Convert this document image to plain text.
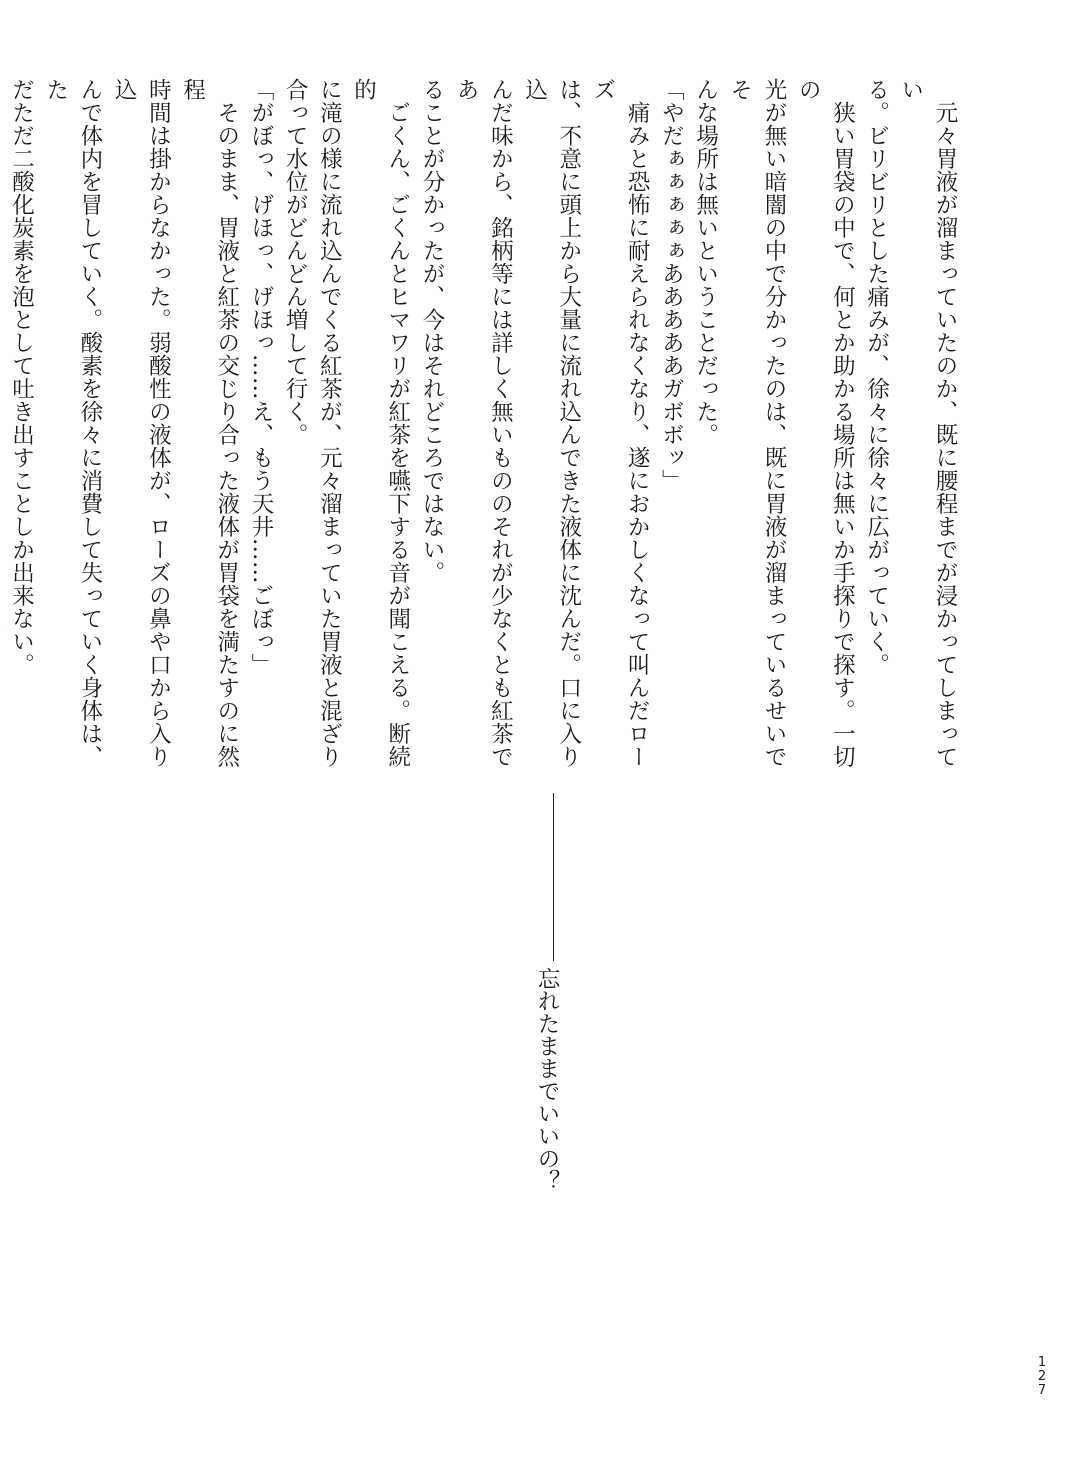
元々胃液が溜まっていたのか、既に腰程までが浸かってしまってい

る。ビリビリとした痛みが、徐々に徐々に広がっていく。

狭い胃袋の中で、何とか助かる場所は無いか手探りで探す。一切の

光が無い暗闇の中で分かったのは、既に胃液が溜まっているせいでそ

んな場所は無いということだった。

「やだぁぁぁぁぁあああああガボボッ」

痛みと恐怖に耐えられなくなり、遂におかしくなって叫んだローズ

は、不意に頭上から大量に流れ込んできた液体に沈んだ。口に入り込

んだ味から、銘柄等には詳しく無いもののそれが少なくとも紅茶であ

ることが分かったが、今はそれどころではない。

ごくん、ごくんとヒマワリが紅茶を嚥下する音が聞こえる。断続的

に滝の様に流れ込んでくる紅茶が、元々溜まっていた胃液と混ざり

合って水位がどんどん増して行く。

「がぼっ、げほっ、げほっ……え、もう天井……ごぼっ」

そのまま、胃液と紅茶の交じり合った液体が胃袋を満たすのに然程

時間は掛からなかった。弱酸性の液体が、ローズの鼻や口から入り込

んで体内を冒していく。酸素を徐々に消費して失っていく身体は、た

だただ二酸化炭素を泡として吐き出すことしか出来ない。

忘れたままでいいの？
127
